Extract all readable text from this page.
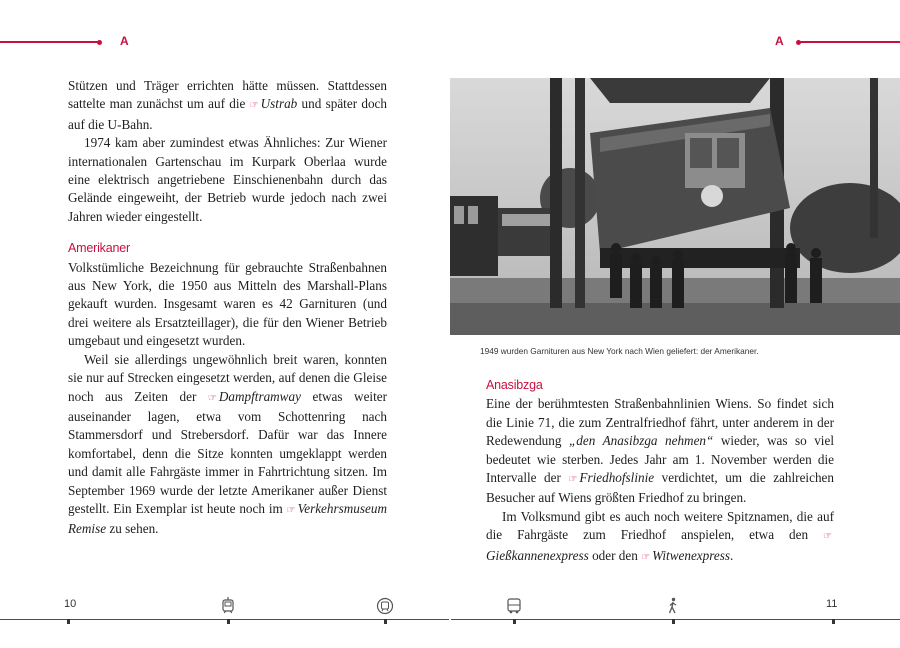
A	A

Stützen und Träger errichten hätte müssen. Stattdessen sattelte man zunächst um auf die ☞ Ustrab und später doch auf die U-Bahn.

1974 kam aber zumindest etwas Ähnliches: Zur Wiener internationalen Gartenschau im Kurpark Oberlaa wurde eine elektrisch angetriebene Einschienenbahn durch das Gelände eingeweiht, der Betrieb wurde jedoch nach zwei Jahren wieder eingestellt.

Amerikaner

Volkstümliche Bezeichnung für gebrauchte Straßenbahnen aus New York, die 1950 aus Mitteln des Marshall-Plans gekauft wurden. Insgesamt waren es 42 Garnituren (und drei weitere als Ersatzteillager), die für den Wiener Betrieb umgebaut und eingesetzt wurden.

Weil sie allerdings ungewöhnlich breit waren, konnten sie nur auf Strecken eingesetzt werden, auf denen die Gleise noch aus Zeiten der ☞ Dampftramway etwas weiter auseinander lagen, etwa vom Schottenring nach Stammersdorf und Strebersdorf. Dafür war das Innere komfortabel, denn die Sitze konnten umgeklappt werden und damit alle Fahrgäste immer in Fahrtrichtung sitzen. Im September 1969 wurde der letzte Amerikaner außer Dienst gestellt. Ein Exemplar ist heute noch im ☞ Verkehrsmuseum Remise zu sehen.

1949 wurden Garnituren aus New York nach Wien geliefert: der Amerikaner.
Anasibzga

Eine der berühmtesten Straßenbahnlinien Wiens. So findet sich die Linie 71, die zum Zentralfriedhof fährt, unter anderem in der Redewendung „den Anasibzga nehmen“ wieder, was so viel bedeutet wie sterben. Jedes Jahr am 1. November werden die Intervalle der ☞ Friedhofslinie verdichtet, um die zahlreichen Besucher auf Wiens größten Friedhof zu bringen.

Im Volksmund gibt es auch noch weitere Spitznamen, die auf die Fahrgäste zum Friedhof anspielen, etwa den ☞Gießkannenexpress oder den ☞ Witwenexpress.

10	11
